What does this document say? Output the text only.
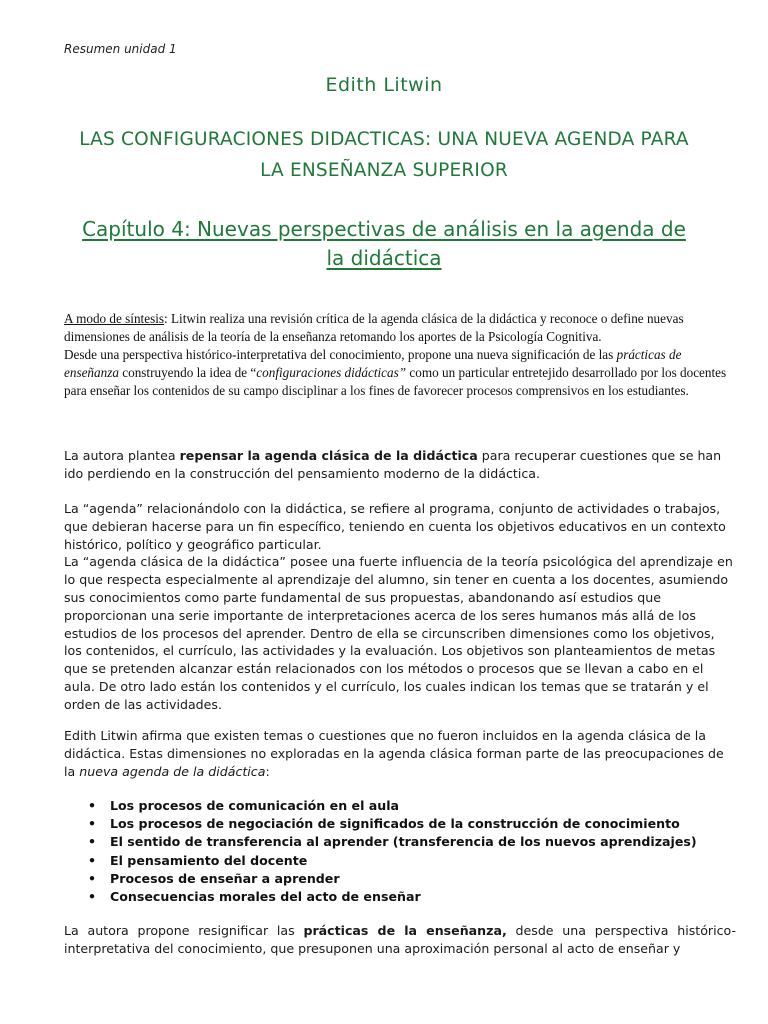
Resumen unidad 1
Edith Litwin
LAS CONFIGURACIONES DIDACTICAS: UNA NUEVA AGENDA PARA
LA ENSEÑANZA SUPERIOR
Capítulo 4: Nuevas perspectivas de análisis en la agenda de
la didáctica

A modo de síntesis: Litwin realiza una revisión crítica de la agenda clásica de la didáctica y reconoce o define nuevas dimensiones de análisis de la teoría de la enseñanza retomando los aportes de la Psicología Cognitiva.

Desde una perspectiva histórico-interpretativa del conocimiento, propone una nueva significación de las prácticas de enseñanza construyendo la idea de “configuraciones didácticas” como un particular entretejido desarrollado por los docentes para enseñar los contenidos de su campo disciplinar a los fines de favorecer procesos comprensivos en los estudiantes.

La autora plantea repensar la agenda clásica de la didáctica para recuperar cuestiones que se han ido perdiendo en la construcción del pensamiento moderno de la didáctica.

La “agenda” relacionándolo con la didáctica, se refiere al programa, conjunto de actividades o trabajos, que debieran hacerse para un fin específico, teniendo en cuenta los objetivos educativos en un contexto histórico, político y geográfico particular.

La “agenda clásica de la didáctica” posee una fuerte influencia de la teoría psicológica del aprendizaje en lo que respecta especialmente al aprendizaje del alumno, sin tener en cuenta a los docentes, asumiendo sus conocimientos como parte fundamental de sus propuestas, abandonando así estudios que proporcionan una serie importante de interpretaciones acerca de los seres humanos más allá de los estudios de los procesos del aprender. Dentro de ella se circunscriben dimensiones como los objetivos, los contenidos, el currículo, las actividades y la evaluación. Los objetivos son planteamientos de metas que se pretenden alcanzar están relacionados con los métodos o procesos que se llevan a cabo en el aula. De otro lado están los contenidos y el currículo, los cuales indican los temas que se tratarán y el orden de las actividades.

Edith Litwin afirma que existen temas o cuestiones que no fueron incluidos en la agenda clásica de la didáctica. Estas dimensiones no exploradas en la agenda clásica forman parte de las preocupaciones de la nueva agenda de la didáctica:

• Los procesos de comunicación en el aula
• Los procesos de negociación de significados de la construcción de conocimiento
• El sentido de transferencia al aprender (transferencia de los nuevos aprendizajes)
• El pensamiento del docente
• Procesos de enseñar a aprender
• Consecuencias morales del acto de enseñar

La autora propone resignificar las prácticas de la enseñanza, desde una perspectiva histórico-interpretativa del conocimiento, que presuponen una aproximación personal al acto de enseñar y
